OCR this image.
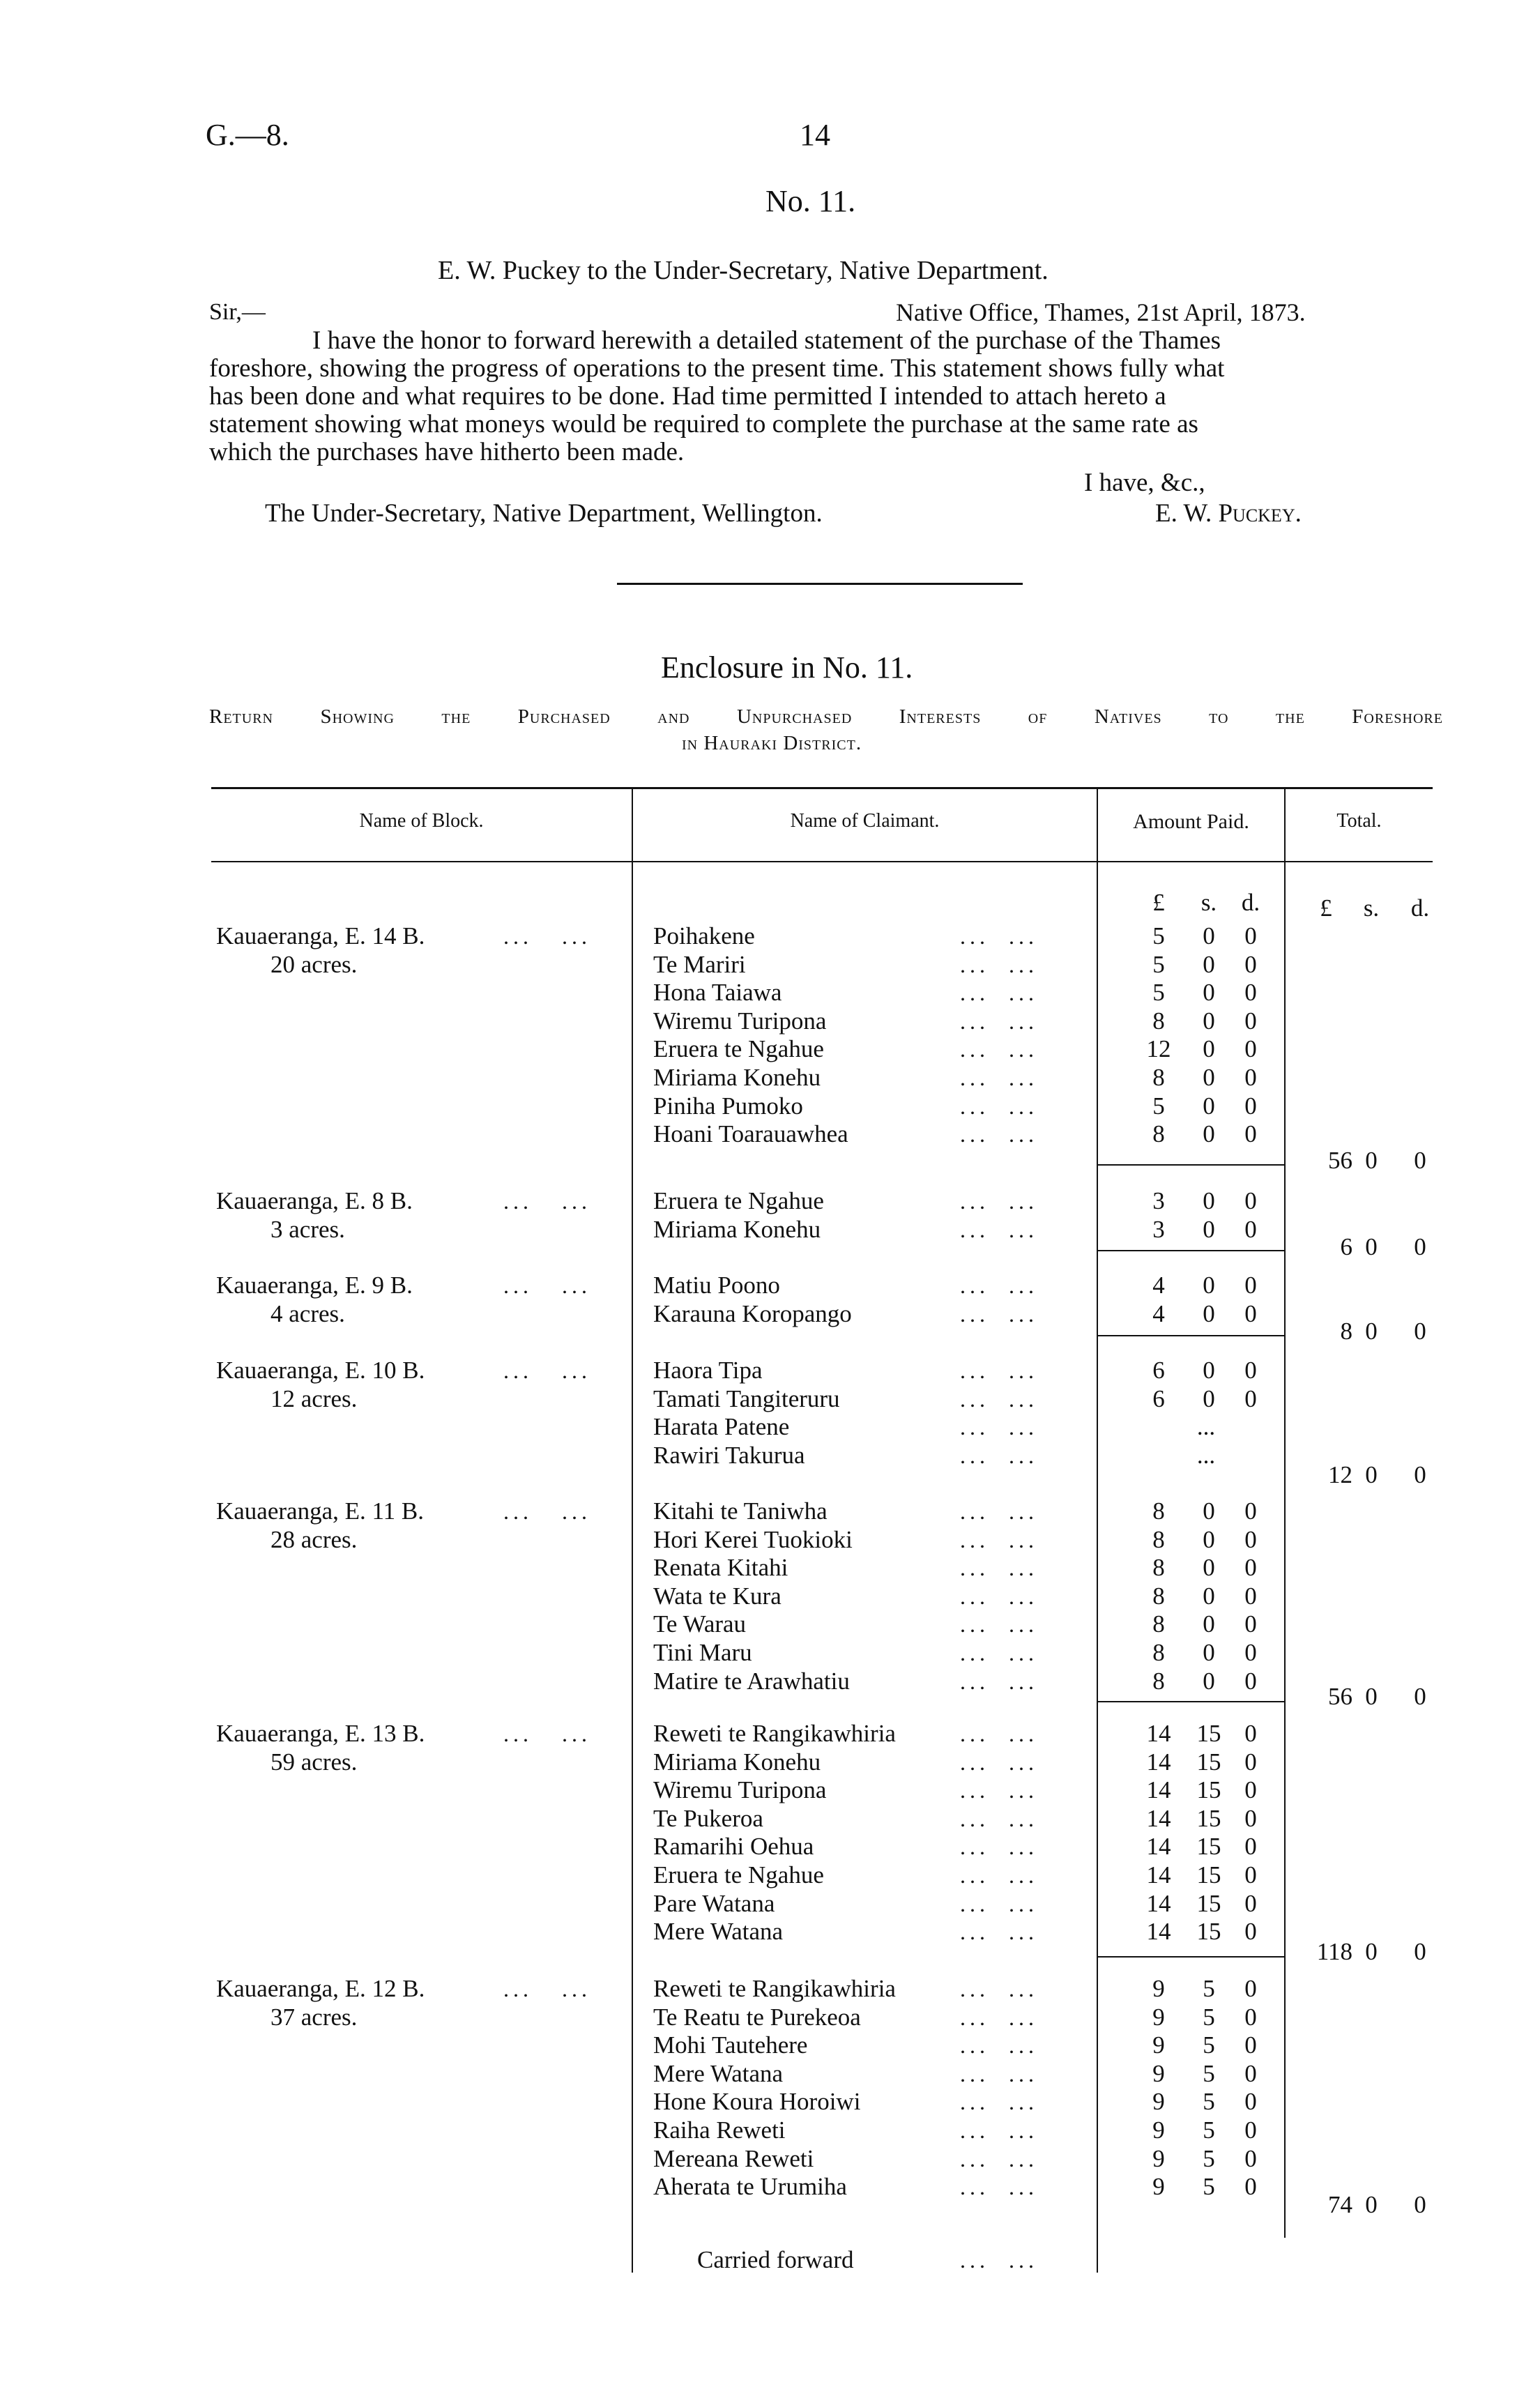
G.—8.	14
No. 11.
E. W. Puckey to the Under-Secretary, Native Department.
Sir,—	Native Office, Thames, 21st April, 1873.
I have the honor to forward herewith a detailed statement of the purchase of the Thames
foreshore, showing the progress of operations to the present time. This statement shows fully what
has been done and what requires to be done. Had time permitted I intended to attach hereto a
statement showing what moneys would be required to complete the purchase at the same rate as
which the purchases have hitherto been made.
I have, &c.,
The Under-Secretary, Native Department, Wellington.	E. W. Puckey.
Enclosure in No. 11.
Return Showing the Purchased and Unpurchased Interests of Natives to the Foreshore
in Hauraki District.
Name of Block.	Name of Claimant.	Amount Paid.	Total.
£	s.	d.	£	s.	d.
Kauaeranga, E. 14 B.	...   ...
20 acres.
Poihakene	...  ...	5	0	0
Te Mariri	...  ...	5	0	0
Hona Taiawa	...  ...	5	0	0
Wiremu Turipona	...  ...	8	0	0
Eruera te Ngahue	...  ...	12	0	0
Miriama Konehu	...  ...	8	0	0
Piniha Pumoko	...  ...	5	0	0
Hoani Toarauawhea	...  ...	8	0	0
56 0	0
Kauaeranga, E. 8 B.	...   ...
3 acres.
Eruera te Ngahue	...  ...	3	0	0
Miriama Konehu	...  ...	3	0	0
6 0	0
Kauaeranga, E. 9 B.	...   ...
4 acres.
Matiu Poono	...  ...	4	0	0
Karauna Koropango	...  ...	4	0	0
8 0	0
Kauaeranga, E. 10 B.	...   ...
12 acres.
Haora Tipa	...  ...	6	0	0
Tamati Tangiteruru	...  ...	6	0	0
Harata Patene	...  ...	...
Rawiri Takurua	...  ...	...
12 0	0
Kauaeranga, E. 11 B.	...   ...
28 acres.
Kitahi te Taniwha	...  ...	8	0	0
Hori Kerei Tuokioki	...  ...	8	0	0
Renata Kitahi	...  ...	8	0	0
Wata te Kura	...  ...	8	0	0
Te Warau	...  ...	8	0	0
Tini Maru	...  ...	8	0	0
Matire te Arawhatiu	...  ...	8	0	0
56 0	0
Kauaeranga, E. 13 B.	...   ...
59 acres.
Reweti te Rangikawhiria	...  ...	14 15 0
Miriama Konehu	...  ...	14 15 0
Wiremu Turipona	...  ...	14 15 0
Te Pukeroa	...  ...	14 15 0
Ramarihi Oehua	...  ...	14 15 0
Eruera te Ngahue	...  ...	14 15 0
Pare Watana	...  ...	14 15 0
Mere Watana	...  ...	14 15 0
118 0	0
Kauaeranga, E. 12 B.	...   ...
37 acres.
Reweti te Rangikawhiria	...  ...	9	5	0
Te Reatu te Purekeoa	...  ...	9	5	0
Mohi Tautehere	...  ...	9	5	0
Mere Watana	...  ...	9	5	0
Hone Koura Horoiwi	...  ...	9	5	0
Raiha Reweti	...  ...	9	5	0
Mereana Reweti	...  ...	9	5	0
Aherata te Urumiha	...  ...	9	5	0
74 0	0
Carried forward	...  ...
